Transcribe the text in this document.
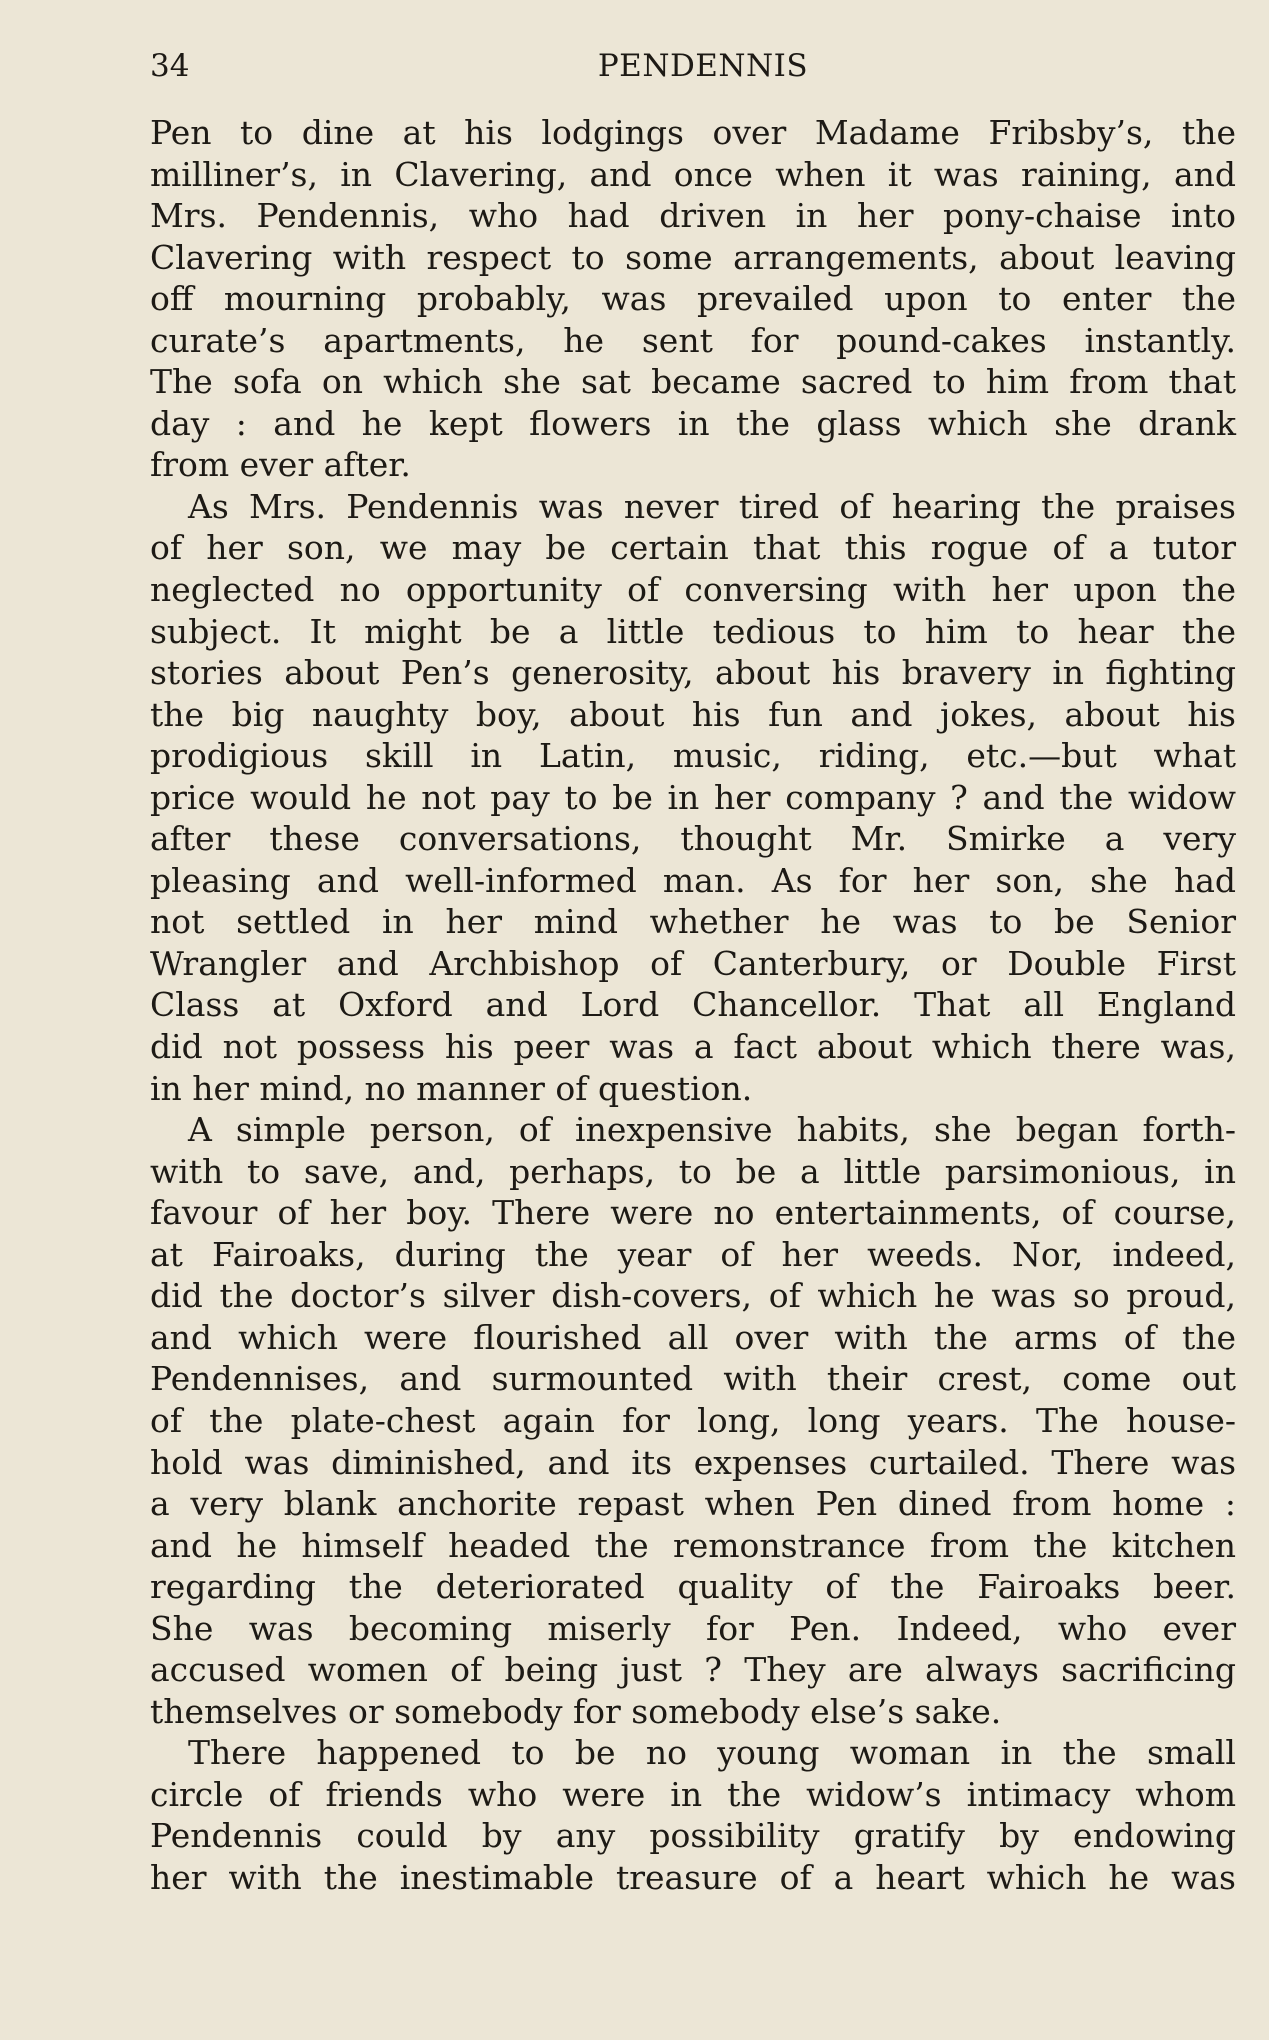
PENDENNIS
34
Pen to dine at his lodgings over Madame Fribsby’s, the
milliner’s, in Clavering, and once when it was raining, and
Mrs. Pendennis, who had driven in her pony-chaise into
Clavering with respect to some arrangements, about leaving
off mourning probably, was prevailed upon to enter the
curate’s apartments, he sent for pound-cakes instantly.
The sofa on which she sat became sacred to him from that
day : and he kept flowers in the glass which she drank
from ever after.
As Mrs. Pendennis was never tired of hearing the praises
of her son, we may be certain that this rogue of a tutor
neglected no opportunity of conversing with her upon the
subject. It might be a little tedious to him to hear the
stories about Pen’s generosity, about his bravery in fighting
the big naughty boy, about his fun and jokes, about his
prodigious skill in Latin, music, riding, etc.—but what
price would he not pay to be in her company ? and the widow
after these conversations, thought Mr. Smirke a very
pleasing and well-informed man. As for her son, she had
not settled in her mind whether he was to be Senior
Wrangler and Archbishop of Canterbury, or Double First
Class at Oxford and Lord Chancellor. That all England
did not possess his peer was a fact about which there was,
in her mind, no manner of question.
A simple person, of inexpensive habits, she began forth-
with to save, and, perhaps, to be a little parsimonious, in
favour of her boy. There were no entertainments, of course,
at Fairoaks, during the year of her weeds. Nor, indeed,
did the doctor’s silver dish-covers, of which he was so proud,
and which were flourished all over with the arms of the
Pendennises, and surmounted with their crest, come out
of the plate-chest again for long, long years. The house-
hold was diminished, and its expenses curtailed. There was
a very blank anchorite repast when Pen dined from home :
and he himself headed the remonstrance from the kitchen
regarding the deteriorated quality of the Fairoaks beer.
She was becoming miserly for Pen. Indeed, who ever
accused women of being just ? They are always sacrificing
themselves or somebody for somebody else’s sake.
There happened to be no young woman in the small
circle of friends who were in the widow’s intimacy whom
Pendennis could by any possibility gratify by endowing
her with the inestimable treasure of a heart which he was
